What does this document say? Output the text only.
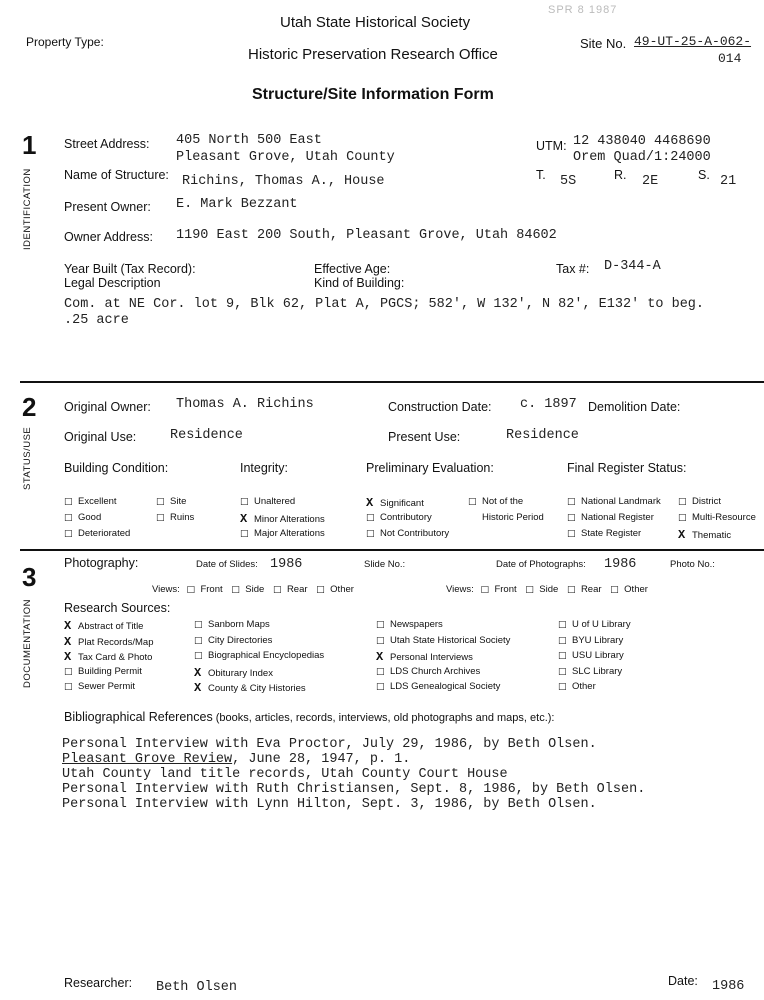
SPR 8 1987
Utah State Historical Society
Property Type:
Historic Preservation Research Office
Site No. 49-UT-25-A-062-
014
Structure/Site Information Form
1
IDENTIFICATION
Street Address: 405 North 500 East
Pleasant Grove, Utah County
UTM: 12 438040 4468690
Orem Quad/1:24000
Name of Structure: Richins, Thomas A., House	T. 5S	R. 2E	S. 21
Present Owner: E. Mark Bezzant
Owner Address: 1190 East 200 South, Pleasant Grove, Utah 84602
Year Built (Tax Record):
Legal Description
Effective Age:
Kind of Building:
Tax #: D-344-A
Com. at NE Cor. lot 9, Blk 62, Plat A, PGCS; 582', W 132', N 82', E132' to beg.
.25 acre
2
STATUS/USE
Original Owner: Thomas A. Richins	Construction Date: c. 1897 Demolition Date:
Original Use:	Residence	Present Use:	Residence
Building Condition:	Integrity:	Preliminary Evaluation:	Final Register Status:
□ Excellent	□ Site
□ Good	□ Ruins
□ Deteriorated
□ Unaltered
X Minor Alterations
□ Major Alterations
X Significant	□ Not of the
Historic Period
□ Contributory
□ Not Contributory
□ National Landmark □ District
□ National Register	□ Multi-Resource
□ State Register	X Thematic
3
DOCUMENTATION
Photography:	Date of Slides: 1986	Slide No.:	Date of Photographs: 1986	Photo No.:
Views: □ Front □ Side □ Rear □ Other	Views: □ Front □ Side □ Rear □ Other
Research Sources:
X Abstract of Title
X Plat Records/Map
X Tax Card & Photo
□ Building Permit
□ Sewer Permit
□ Sanborn Maps
□ City Directories
□ Biographical Encyclopedias
X Obiturary Index
X County & City Histories
□ Newspapers
□ Utah State Historical Society
X Personal Interviews
□ LDS Church Archives
□ LDS Genealogical Society
□ U of U Library
□ BYU Library
□ USU Library
□ SLC Library
□ Other
Bibliographical References (books, articles, records, interviews, old photographs and maps, etc.):
Personal Interview with Eva Proctor, July 29, 1986, by Beth Olsen.
Pleasant Grove Review, June 28, 1947, p. 1.
Utah County land title records, Utah County Court House
Personal Interview with Ruth Christiansen, Sept. 8, 1986, by Beth Olsen.
Personal Interview with Lynn Hilton, Sept. 3, 1986, by Beth Olsen.
Researcher: Beth Olsen	Date: 1986
